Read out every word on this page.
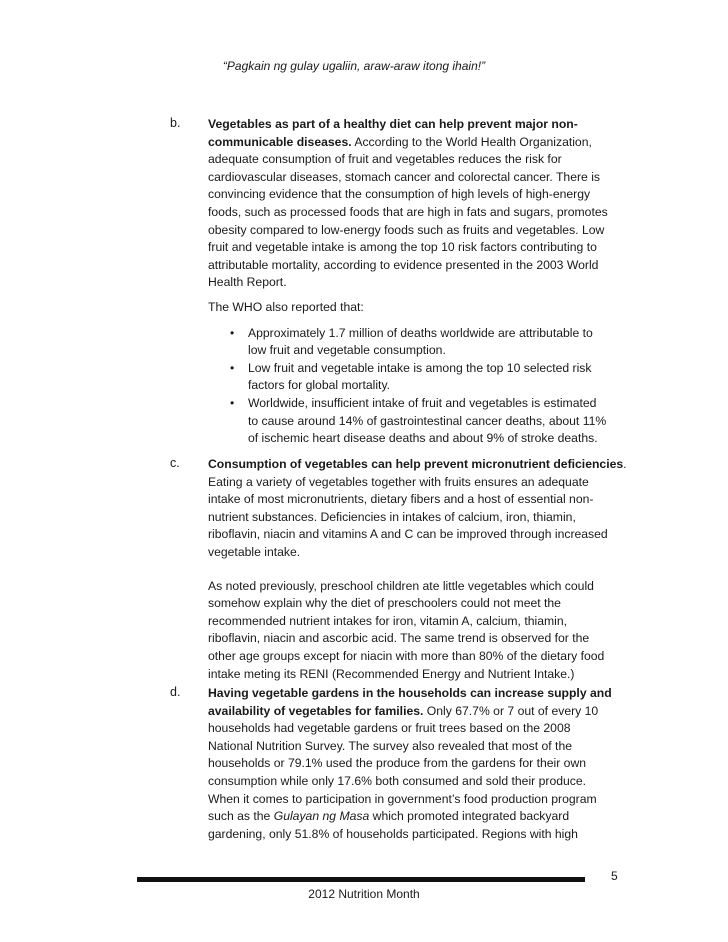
“Pagkain ng gulay ugaliin, araw-araw itong ihain!”
b. Vegetables as part of a healthy diet can help prevent major non-
communicable diseases. According to the World Health Organization,
adequate consumption of fruit and vegetables reduces the risk for
cardiovascular diseases, stomach cancer and colorectal cancer. There is
convincing evidence that the consumption of high levels of high-energy
foods, such as processed foods that are high in fats and sugars, promotes
obesity compared to low-energy foods such as fruits and vegetables. Low
fruit and vegetable intake is among the top 10 risk factors contributing to
attributable mortality, according to evidence presented in the 2003 World
Health Report.

The WHO also reported that:

• Approximately 1.7 million of deaths worldwide are attributable to
low fruit and vegetable consumption.
• Low fruit and vegetable intake is among the top 10 selected risk
factors for global mortality.
• Worldwide, insufficient intake of fruit and vegetables is estimated
to cause around 14% of gastrointestinal cancer deaths, about 11%
of ischemic heart disease deaths and about 9% of stroke deaths.
c. Consumption of vegetables can help prevent micronutrient deficiencies.
Eating a variety of vegetables together with fruits ensures an adequate
intake of most micronutrients, dietary fibers and a host of essential non-
nutrient substances. Deficiencies in intakes of calcium, iron, thiamin,
riboflavin, niacin and vitamins A and C can be improved through increased
vegetable intake.

As noted previously, preschool children ate little vegetables which could
somehow explain why the diet of preschoolers could not meet the
recommended nutrient intakes for iron, vitamin A, calcium, thiamin,
riboflavin, niacin and ascorbic acid. The same trend is observed for the
other age groups except for niacin with more than 80% of the dietary food
intake meting its RENI (Recommended Energy and Nutrient Intake.)

d. Having vegetable gardens in the households can increase supply and
availability of vegetables for families. Only 67.7% or 7 out of every 10
households had vegetable gardens or fruit trees based on the 2008
National Nutrition Survey. The survey also revealed that most of the
households or 79.1% used the produce from the gardens for their own
consumption while only 17.6% both consumed and sold their produce.
When it comes to participation in government’s food production program
such as the Gulayan ng Masa which promoted integrated backyard
gardening, only 51.8% of households participated. Regions with high

5
2012 Nutrition Month
